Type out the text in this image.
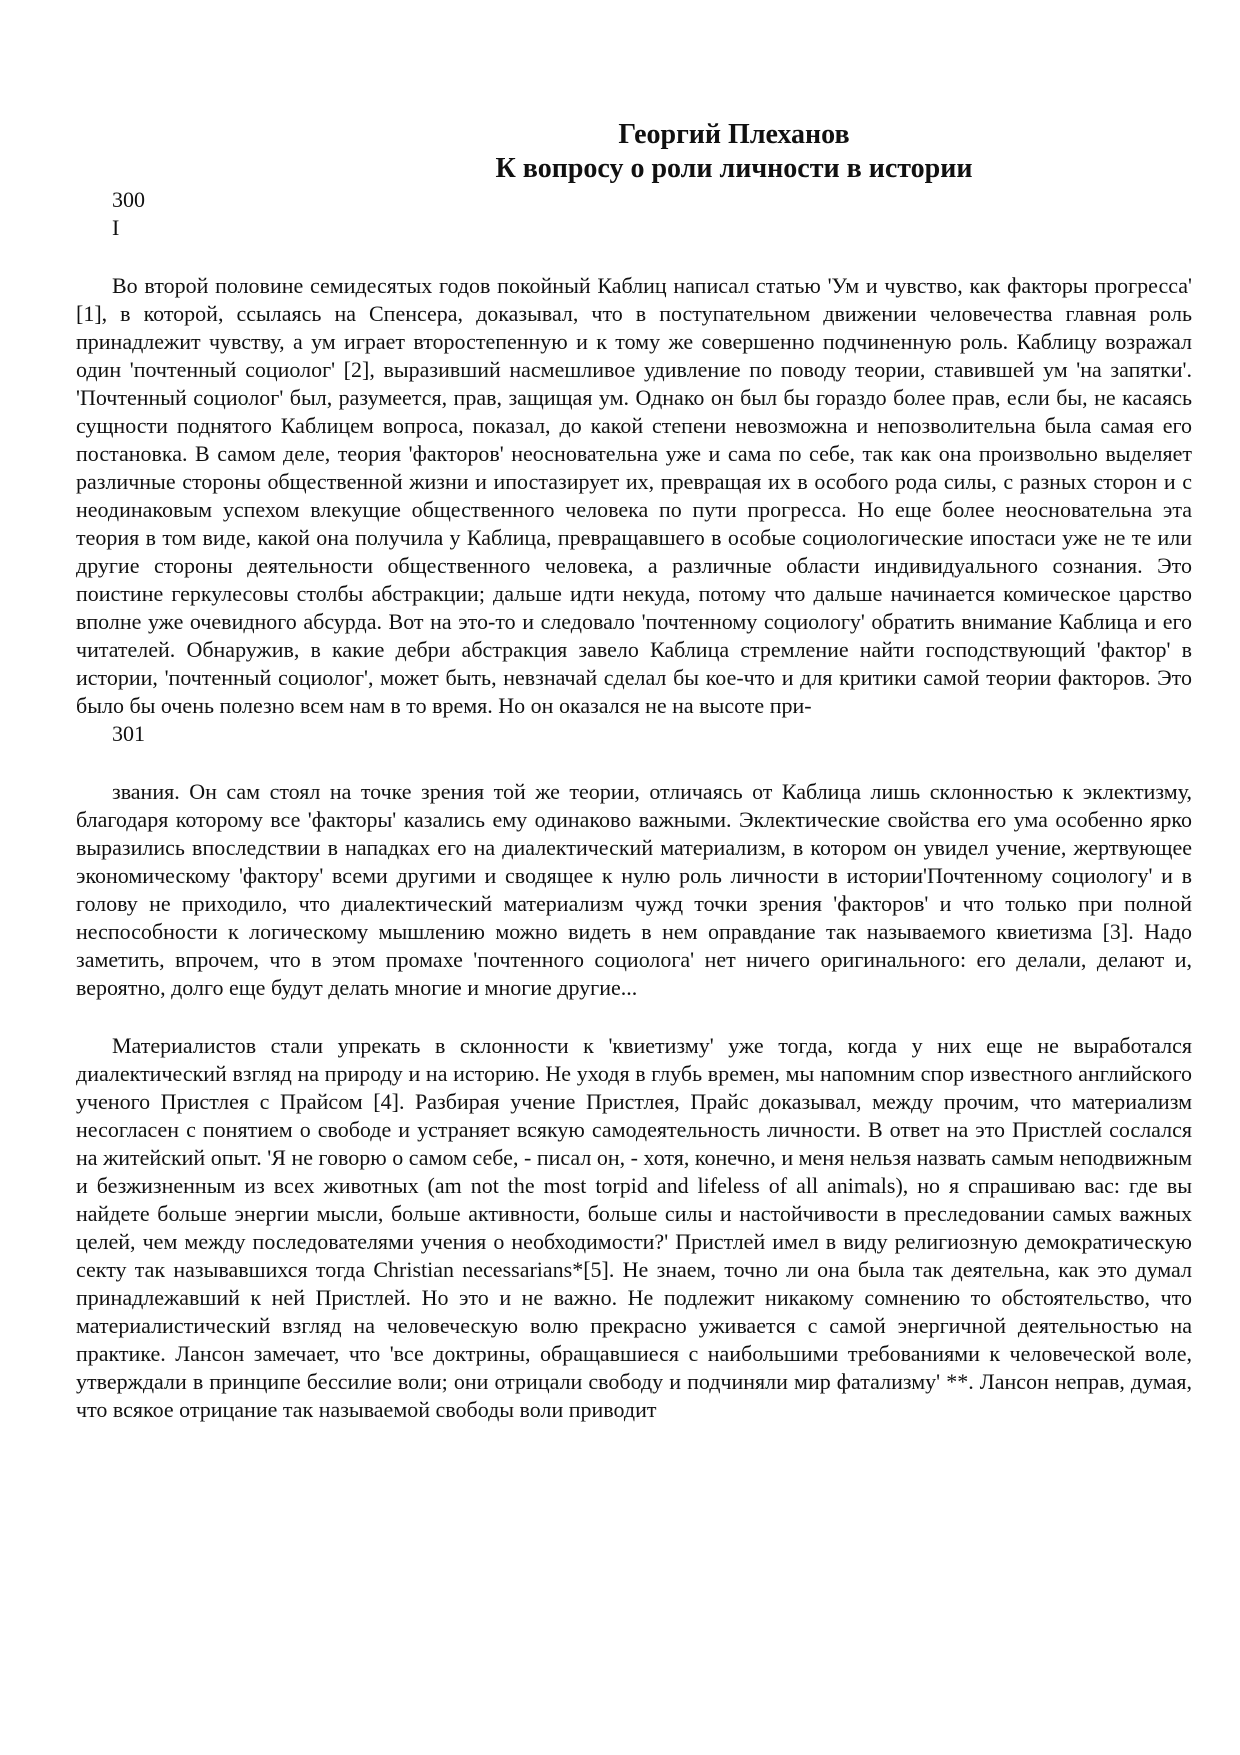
Георгий Плеханов
К вопросу о роли личности в истории
300
I

Во второй половине семидесятых годов покойный Каблиц написал статью 'Ум и чувство, как факторы прогресса' [1], в которой, ссылаясь на Спенсера, доказывал, что в поступательном движении человечества главная роль принадлежит чувству, а ум играет второстепенную и к тому же совершенно подчиненную роль. Каблицу возражал один 'почтенный социолог' [2], выразивший насмешливое удивление по поводу теории, ставившей ум 'на запятки'. 'Почтенный социолог' был, разумеется, прав, защищая ум. Однако он был бы гораздо более прав, если бы, не касаясь сущности поднятого Каблицем вопроса, показал, до какой степени невозможна и непозволительна была самая его постановка. В самом деле, теория 'факторов' неосновательна уже и сама по себе, так как она произвольно выделяет различные стороны общественной жизни и ипостазирует их, превращая их в особого рода силы, с разных сторон и с неодинаковым успехом влекущие общественного человека по пути прогресса. Но еще более неосновательна эта теория в том виде, какой она получила у Каблица, превращавшего в особые социологические ипостаси уже не те или другие стороны деятельности общественного человека, а различные области индивидуального сознания. Это поистине геркулесовы столбы абстракции; дальше идти некуда, потому что дальше начинается комическое царство вполне уже очевидного абсурда. Вот на это-то и следовало 'почтенному социологу' обратить внимание Каблица и его читателей. Обнаружив, в какие дебри абстракция завело Каблица стремление найти господствующий 'фактор' в истории, 'почтенный социолог', может быть, невзначай сделал бы кое-что и для критики самой теории факторов. Это было бы очень полезно всем нам в то время. Но он оказался не на высоте при-

301

звания. Он сам стоял на точке зрения той же теории, отличаясь от Каблица лишь склонностью к эклектизму, благодаря которому все 'факторы' казались ему одинаково важными. Эклектические свойства его ума особенно ярко выразились впоследствии в нападках его на диалектический материализм, в котором он увидел учение, жертвующее экономическому 'фактору' всеми другими и сводящее к нулю роль личности в истории'Почтенному социологу' и в голову не приходило, что диалектический материализм чужд точки зрения 'факторов' и что только при полной неспособности к логическому мышлению можно видеть в нем оправдание так называемого квиетизма [3]. Надо заметить, впрочем, что в этом промахе 'почтенного социолога' нет ничего оригинального: его делали, делают и, вероятно, долго еще будут делать многие и многие другие...

Материалистов стали упрекать в склонности к 'квиетизму' уже тогда, когда у них еще не выработался диалектический взгляд на природу и на историю. Не уходя в глубь времен, мы напомним спор известного английского ученого Пристлея с Прайсом [4]. Разбирая учение Пристлея, Прайс доказывал, между прочим, что материализм несогласен с понятием о свободе и устраняет всякую самодеятельность личности. В ответ на это Пристлей сослался на житейский опыт. 'Я не говорю о самом себе, - писал он, - хотя, конечно, и меня нельзя назвать самым неподвижным и безжизненным из всех животных (am not the most torpid and lifeless of all animals), но я спрашиваю вас: где вы найдете больше энергии мысли, больше активности, больше силы и настойчивости в преследовании самых важных целей, чем между последователями учения о необходимости?' Пристлей имел в виду религиозную демократическую секту так называвшихся тогда Christian necessarians*[5]. Не знаем, точно ли она была так деятельна, как это думал принадлежавший к ней Пристлей. Но это и не важно. Не подлежит никакому сомнению то обстоятельство, что материалистический взгляд на человеческую волю прекрасно уживается с самой энергичной деятельностью на практике. Лансон замечает, что 'все доктрины, обращавшиеся с наибольшими требованиями к человеческой воле, утверждали в принципе бессилие воли; они отрицали свободу и подчиняли мир фатализму' **. Лансон неправ, думая, что всякое отрицание так называемой свободы воли приводит
